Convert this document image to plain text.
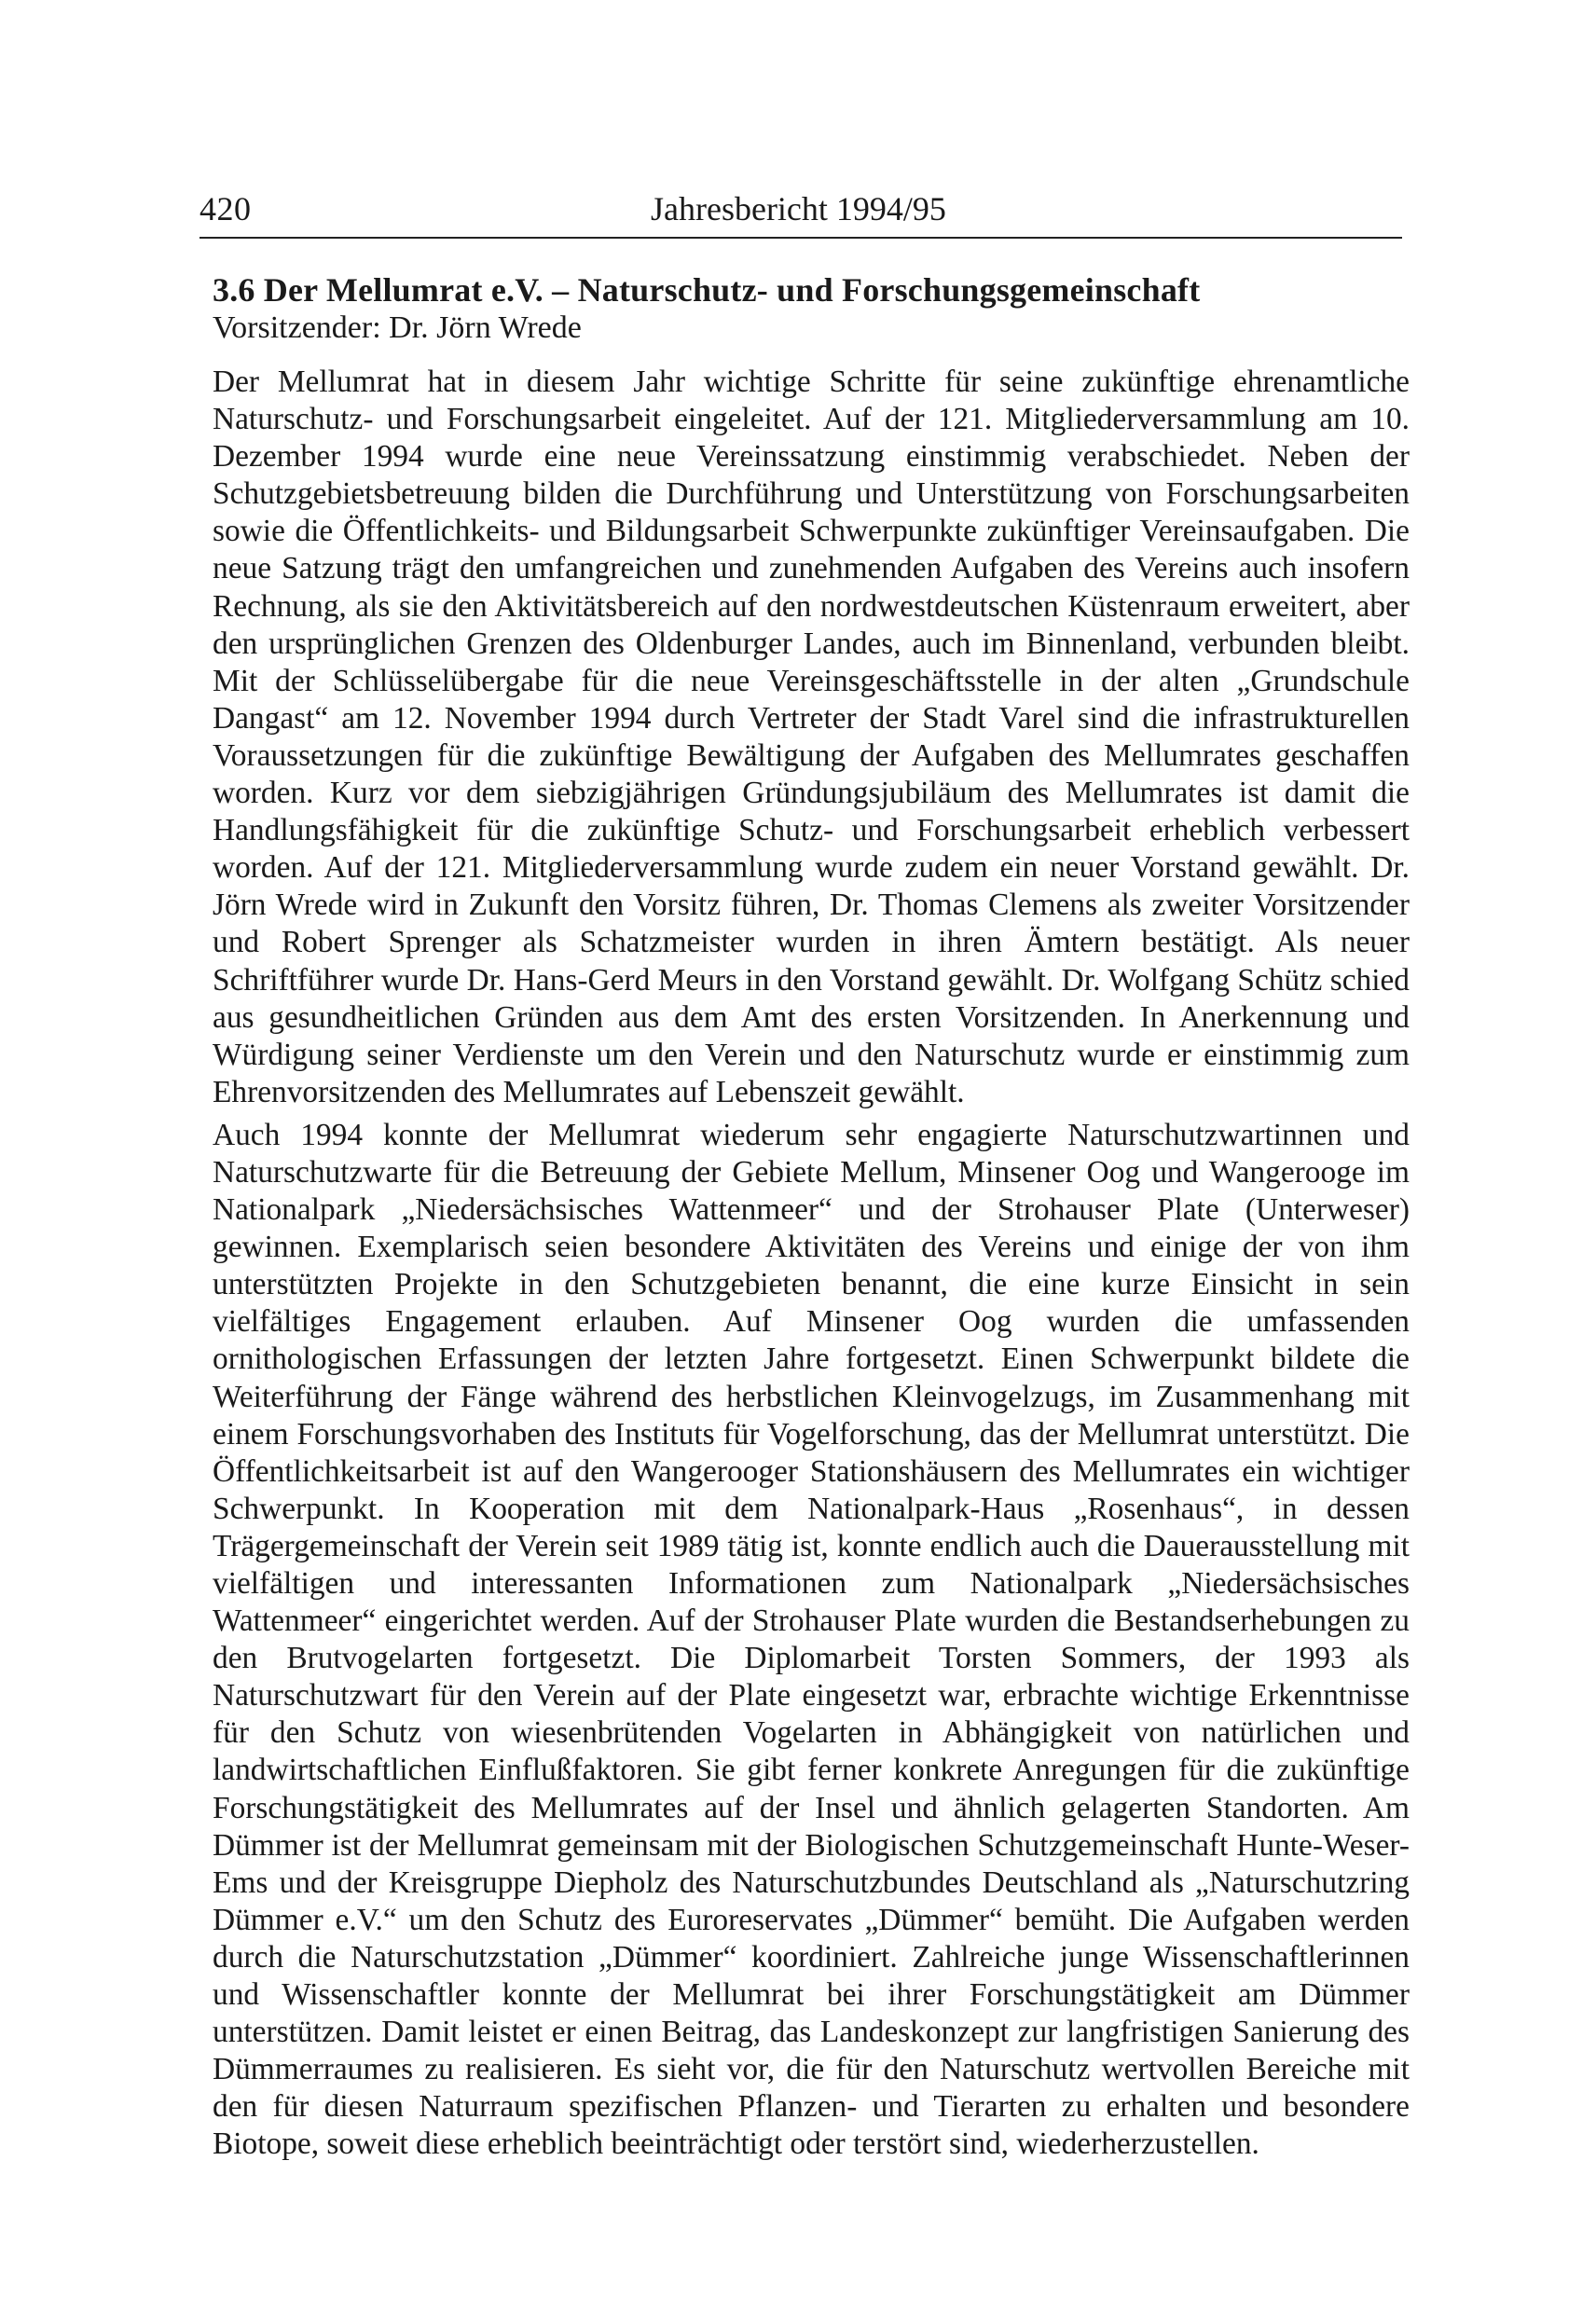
420	Jahresbericht 1994/95
3.6 Der Mellumrat e.V. – Naturschutz- und Forschungsgemeinschaft

Vorsitzender: Dr. Jörn Wrede

Der Mellumrat hat in diesem Jahr wichtige Schritte für seine zukünftige ehrenamtliche Naturschutz- und Forschungsarbeit eingeleitet. Auf der 121. Mitgliederversammlung am 10. Dezember 1994 wurde eine neue Vereinssatzung einstimmig verabschiedet. Neben der Schutzgebietsbetreuung bilden die Durchführung und Unterstützung von Forschungsarbeiten sowie die Öffentlichkeits- und Bildungsarbeit Schwerpunkte zukünftiger Vereinsaufgaben. Die neue Satzung trägt den umfangreichen und zunehmenden Aufgaben des Vereins auch insofern Rechnung, als sie den Aktivitätsbereich auf den nordwestdeutschen Küstenraum erweitert, aber den ursprünglichen Grenzen des Oldenburger Landes, auch im Binnenland, verbunden bleibt. Mit der Schlüsselübergabe für die neue Vereinsgeschäftsstelle in der alten „Grundschule Dangast“ am 12. November 1994 durch Vertreter der Stadt Varel sind die infrastrukturellen Voraussetzungen für die zukünftige Bewältigung der Aufgaben des Mellumrates geschaffen worden. Kurz vor dem siebzigjährigen Gründungsjubiläum des Mellumrates ist damit die Handlungsfähigkeit für die zukünftige Schutz- und Forschungsarbeit erheblich verbessert worden. Auf der 121. Mitgliederversammlung wurde zudem ein neuer Vorstand gewählt. Dr. Jörn Wrede wird in Zukunft den Vorsitz führen, Dr. Thomas Clemens als zweiter Vorsitzender und Robert Sprenger als Schatzmeister wurden in ihren Ämtern bestätigt. Als neuer Schriftführer wurde Dr. Hans-Gerd Meurs in den Vorstand gewählt. Dr. Wolfgang Schütz schied aus gesundheitlichen Gründen aus dem Amt des ersten Vorsitzenden. In Anerkennung und Würdigung seiner Verdienste um den Verein und den Naturschutz wurde er einstimmig zum Ehrenvorsitzenden des Mellumrates auf Lebenszeit gewählt.

Auch 1994 konnte der Mellumrat wiederum sehr engagierte Naturschutzwartinnen und Naturschutzwarte für die Betreuung der Gebiete Mellum, Minsener Oog und Wangerooge im Nationalpark „Niedersächsisches Wattenmeer“ und der Strohauser Plate (Unterweser) gewinnen. Exemplarisch seien besondere Aktivitäten des Vereins und einige der von ihm unterstützten Projekte in den Schutzgebieten benannt, die eine kurze Einsicht in sein vielfältiges Engagement erlauben. Auf Minsener Oog wurden die umfassenden ornithologischen Erfassungen der letzten Jahre fortgesetzt. Einen Schwerpunkt bildete die Weiterführung der Fänge während des herbstlichen Kleinvogelzugs, im Zusammenhang mit einem Forschungsvorhaben des Instituts für Vogelforschung, das der Mellumrat unterstützt. Die Öffentlichkeitsarbeit ist auf den Wangerooger Stationshäusern des Mellumrates ein wichtiger Schwerpunkt. In Kooperation mit dem Nationalpark-Haus „Rosenhaus“, in dessen Trägergemeinschaft der Verein seit 1989 tätig ist, konnte endlich auch die Dauerausstellung mit vielfältigen und interessanten Informationen zum Nationalpark „Niedersächsisches Wattenmeer“ eingerichtet werden. Auf der Strohauser Plate wurden die Bestandserhebungen zu den Brutvogelarten fortgesetzt. Die Diplomarbeit Torsten Sommers, der 1993 als Naturschutzwart für den Verein auf der Plate eingesetzt war, erbrachte wichtige Erkenntnisse für den Schutz von wiesenbrütenden Vogelarten in Abhängigkeit von natürlichen und landwirtschaftlichen Einflußfaktoren. Sie gibt ferner konkrete Anregungen für die zukünftige Forschungstätigkeit des Mellumrates auf der Insel und ähnlich gelagerten Standorten. Am Dümmer ist der Mellumrat gemeinsam mit der Biologischen Schutzgemeinschaft Hunte-Weser-Ems und der Kreisgruppe Diepholz des Naturschutzbundes Deutschland als „Naturschutzring Dümmer e.V.“ um den Schutz des Euroreservates „Dümmer“ bemüht. Die Aufgaben werden durch die Naturschutzstation „Dümmer“ koordiniert. Zahlreiche junge Wissenschaftlerinnen und Wissenschaftler konnte der Mellumrat bei ihrer Forschungstätigkeit am Dümmer unterstützen. Damit leistet er einen Beitrag, das Landeskonzept zur langfristigen Sanierung des Dümmerraumes zu realisieren. Es sieht vor, die für den Naturschutz wertvollen Bereiche mit den für diesen Naturraum spezifischen Pflanzen- und Tierarten zu erhalten und besondere Biotope, soweit diese erheblich beeinträchtigt oder terstört sind, wiederherzustellen.
